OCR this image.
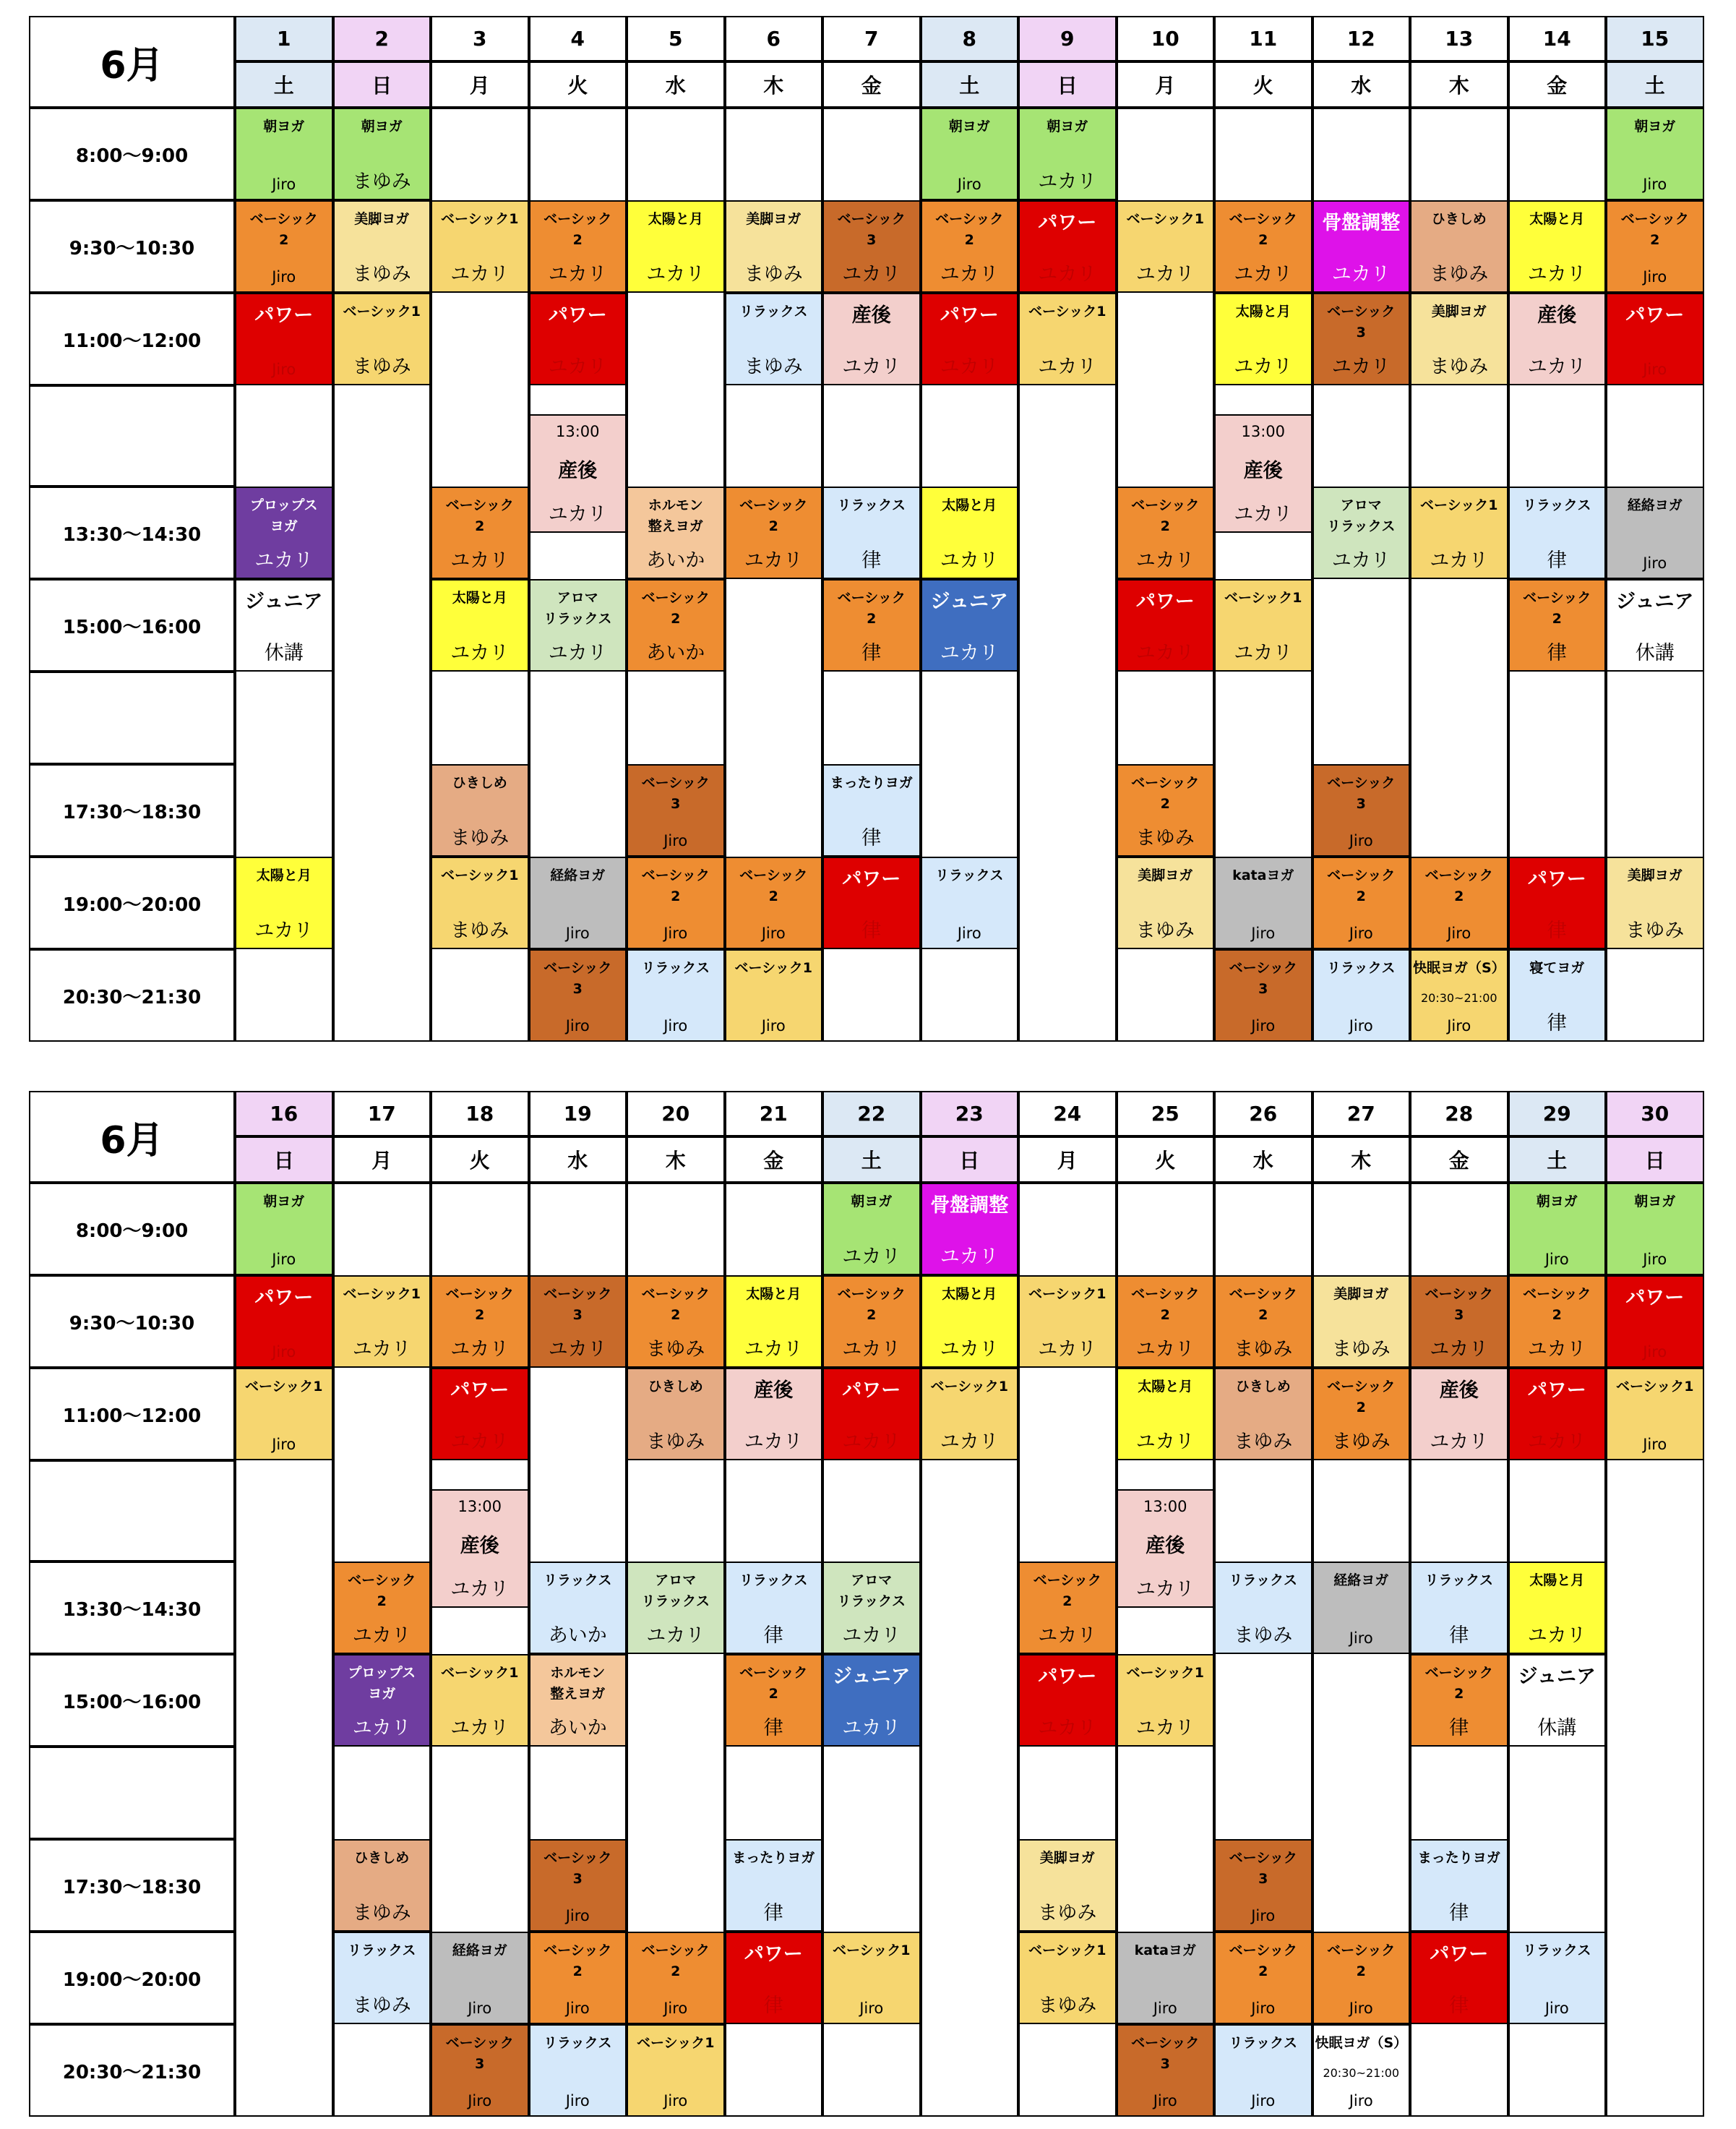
6月
1
土
2
日
3
月
4
火
5
水
6
木
7
金
8
土
9
日
10
月
11
火
12
水
13
木
14
金
15
土
8:00～9:00
9:30～10:30
11:00～12:00
13:30～14:30
15:00～16:00
17:30～18:30
19:00～20:00
20:30～21:30
朝ヨガ
Jiro
ベーシック
2
Jiro
パワー
Jiro
プロップス
ヨガ
ユカリ
ジュニア
休講
太陽と月
ユカリ
朝ヨガ
まゆみ
美脚ヨガ
まゆみ
ベーシック1
まゆみ
ベーシック1
ユカリ
ベーシック
2
ユカリ
太陽と月
ユカリ
ひきしめ
まゆみ
ベーシック1
まゆみ
ベーシック
2
ユカリ
パワー
ユカリ
13:00
産後
ユカリ
アロマ
リラックス
ユカリ
経絡ヨガ
Jiro
ベーシック
3
Jiro
太陽と月
ユカリ
ホルモン
整えヨガ
あいか
ベーシック
2
あいか
ベーシック
3
Jiro
ベーシック
2
Jiro
リラックス
Jiro
美脚ヨガ
まゆみ
リラックス
まゆみ
ベーシック
2
ユカリ
ベーシック
2
Jiro
ベーシック1
Jiro
ベーシック
3
ユカリ
産後
ユカリ
リラックス
律
ベーシック
2
律
まったりヨガ
律
パワー
律
朝ヨガ
Jiro
ベーシック
2
ユカリ
パワー
ユカリ
太陽と月
ユカリ
ジュニア
ユカリ
リラックス
Jiro
朝ヨガ
ユカリ
パワー
ユカリ
ベーシック1
ユカリ
ベーシック1
ユカリ
ベーシック
2
ユカリ
パワー
ユカリ
ベーシック
2
まゆみ
美脚ヨガ
まゆみ
ベーシック
2
ユカリ
太陽と月
ユカリ
13:00
産後
ユカリ
ベーシック1
ユカリ
kataヨガ
Jiro
ベーシック
3
Jiro
骨盤調整
ユカリ
ベーシック
3
ユカリ
アロマ
リラックス
ユカリ
ベーシック
3
Jiro
ベーシック
2
Jiro
リラックス
Jiro
ひきしめ
まゆみ
美脚ヨガ
まゆみ
ベーシック1
ユカリ
ベーシック
2
Jiro
快眠ヨガ（S）
20:30~21:00
Jiro
太陽と月
ユカリ
産後
ユカリ
リラックス
律
ベーシック
2
律
パワー
律
寝てヨガ
律
朝ヨガ
Jiro
ベーシック
2
Jiro
パワー
Jiro
経絡ヨガ
Jiro
ジュニア
休講
美脚ヨガ
まゆみ
6月
16
日
17
月
18
火
19
水
20
木
21
金
22
土
23
日
24
月
25
火
26
水
27
木
28
金
29
土
30
日
8:00～9:00
9:30～10:30
11:00～12:00
13:30～14:30
15:00～16:00
17:30～18:30
19:00～20:00
20:30～21:30
朝ヨガ
Jiro
パワー
Jiro
ベーシック1
Jiro
ベーシック1
ユカリ
ベーシック
2
ユカリ
プロップス
ヨガ
ユカリ
ひきしめ
まゆみ
リラックス
まゆみ
ベーシック
2
ユカリ
パワー
ユカリ
13:00
産後
ユカリ
ベーシック1
ユカリ
経絡ヨガ
Jiro
ベーシック
3
Jiro
ベーシック
3
ユカリ
リラックス
あいか
ホルモン
整えヨガ
あいか
ベーシック
3
Jiro
ベーシック
2
Jiro
リラックス
Jiro
ベーシック
2
まゆみ
ひきしめ
まゆみ
アロマ
リラックス
ユカリ
ベーシック
2
Jiro
ベーシック1
Jiro
太陽と月
ユカリ
産後
ユカリ
リラックス
律
ベーシック
2
律
まったりヨガ
律
パワー
律
朝ヨガ
ユカリ
ベーシック
2
ユカリ
パワー
ユカリ
アロマ
リラックス
ユカリ
ジュニア
ユカリ
ベーシック1
Jiro
骨盤調整
ユカリ
太陽と月
ユカリ
ベーシック1
ユカリ
ベーシック1
ユカリ
ベーシック
2
ユカリ
パワー
ユカリ
美脚ヨガ
まゆみ
ベーシック1
まゆみ
ベーシック
2
ユカリ
太陽と月
ユカリ
13:00
産後
ユカリ
ベーシック1
ユカリ
kataヨガ
Jiro
ベーシック
3
Jiro
ベーシック
2
まゆみ
ひきしめ
まゆみ
リラックス
まゆみ
ベーシック
3
Jiro
ベーシック
2
Jiro
リラックス
Jiro
美脚ヨガ
まゆみ
ベーシック
2
まゆみ
経絡ヨガ
Jiro
ベーシック
2
Jiro
快眠ヨガ（S）
20:30~21:00
Jiro
ベーシック
3
ユカリ
産後
ユカリ
リラックス
律
ベーシック
2
律
まったりヨガ
律
パワー
律
朝ヨガ
Jiro
ベーシック
2
ユカリ
パワー
ユカリ
太陽と月
ユカリ
ジュニア
休講
リラックス
Jiro
朝ヨガ
Jiro
パワー
Jiro
ベーシック1
Jiro
